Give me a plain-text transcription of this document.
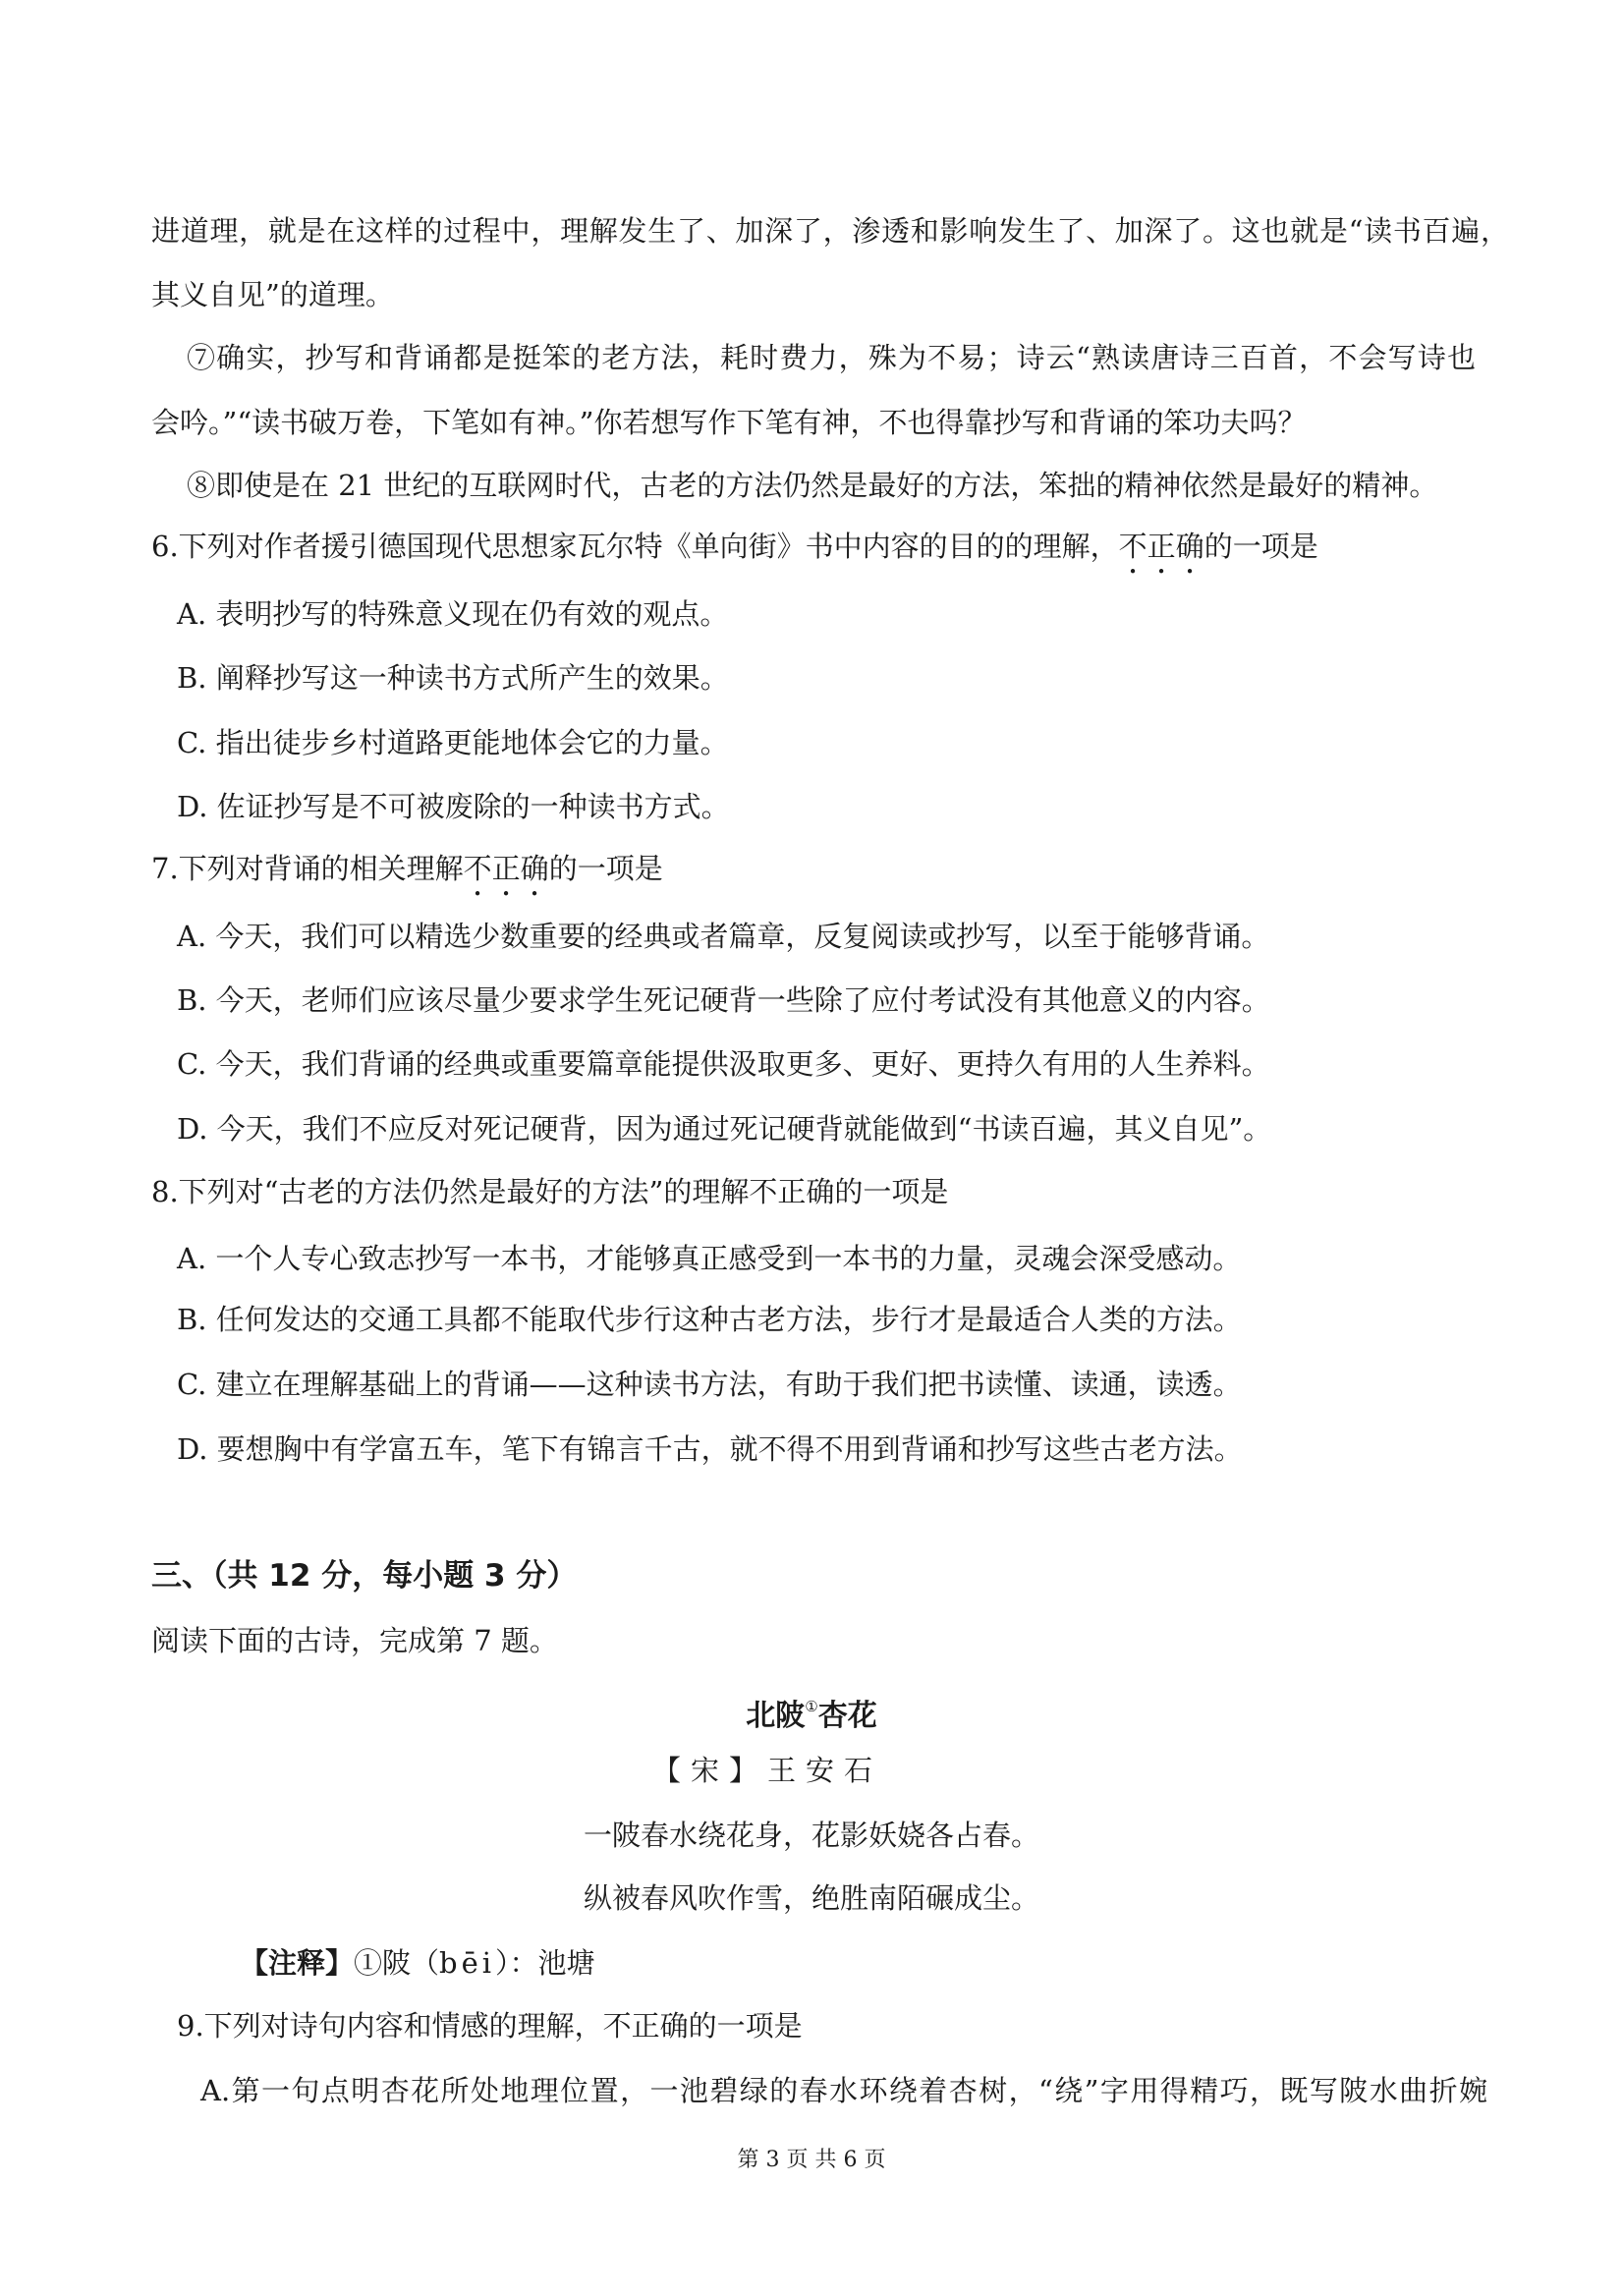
进道理，就是在这样的过程中，理解发生了、加深了，渗透和影响发生了、加深了。这也就是“读书百遍，
其义自见”的道理。
⑦确实，抄写和背诵都是挺笨的老方法，耗时费力，殊为不易；诗云“熟读唐诗三百首，不会写诗也
会吟。”“读书破万卷，下笔如有神。”你若想写作下笔有神，不也得靠抄写和背诵的笨功夫吗？
⑧即使是在 21 世纪的互联网时代，古老的方法仍然是最好的方法，笨拙的精神依然是最好的精神。
6.下列对作者援引德国现代思想家瓦尔特《单向街》书中内容的目的的理解，不正确的一项是
A. 表明抄写的特殊意义现在仍有效的观点。
B. 阐释抄写这一种读书方式所产生的效果。
C. 指出徒步乡村道路更能地体会它的力量。
D. 佐证抄写是不可被废除的一种读书方式。
7.下列对背诵的相关理解不正确的一项是
A. 今天，我们可以精选少数重要的经典或者篇章，反复阅读或抄写，以至于能够背诵。
B. 今天，老师们应该尽量少要求学生死记硬背一些除了应付考试没有其他意义的内容。
C. 今天，我们背诵的经典或重要篇章能提供汲取更多、更好、更持久有用的人生养料。
D. 今天，我们不应反对死记硬背，因为通过死记硬背就能做到“书读百遍，其义自见”。
8.下列对“古老的方法仍然是最好的方法”的理解不正确的一项是
A. 一个人专心致志抄写一本书，才能够真正感受到一本书的力量，灵魂会深受感动。
B. 任何发达的交通工具都不能取代步行这种古老方法，步行才是最适合人类的方法。
C. 建立在理解基础上的背诵——这种读书方法，有助于我们把书读懂、读通，读透。
D. 要想胸中有学富五车，笔下有锦言千古，就不得不用到背诵和抄写这些古老方法。
三、（共 12 分，每小题 3 分）
阅读下面的古诗，完成第 7 题。
北陂①杏花
【宋】王安石
一陂春水绕花身，花影妖娆各占春。
纵被春风吹作雪，绝胜南陌碾成尘。
【注释】①陂（bēi）：池塘
9.下列对诗句内容和情感的理解，不正确的一项是
A.第一句点明杏花所处地理位置，一池碧绿的春水环绕着杏树，“绕”字用得精巧，既写陂水曲折婉
第 3 页 共 6 页
